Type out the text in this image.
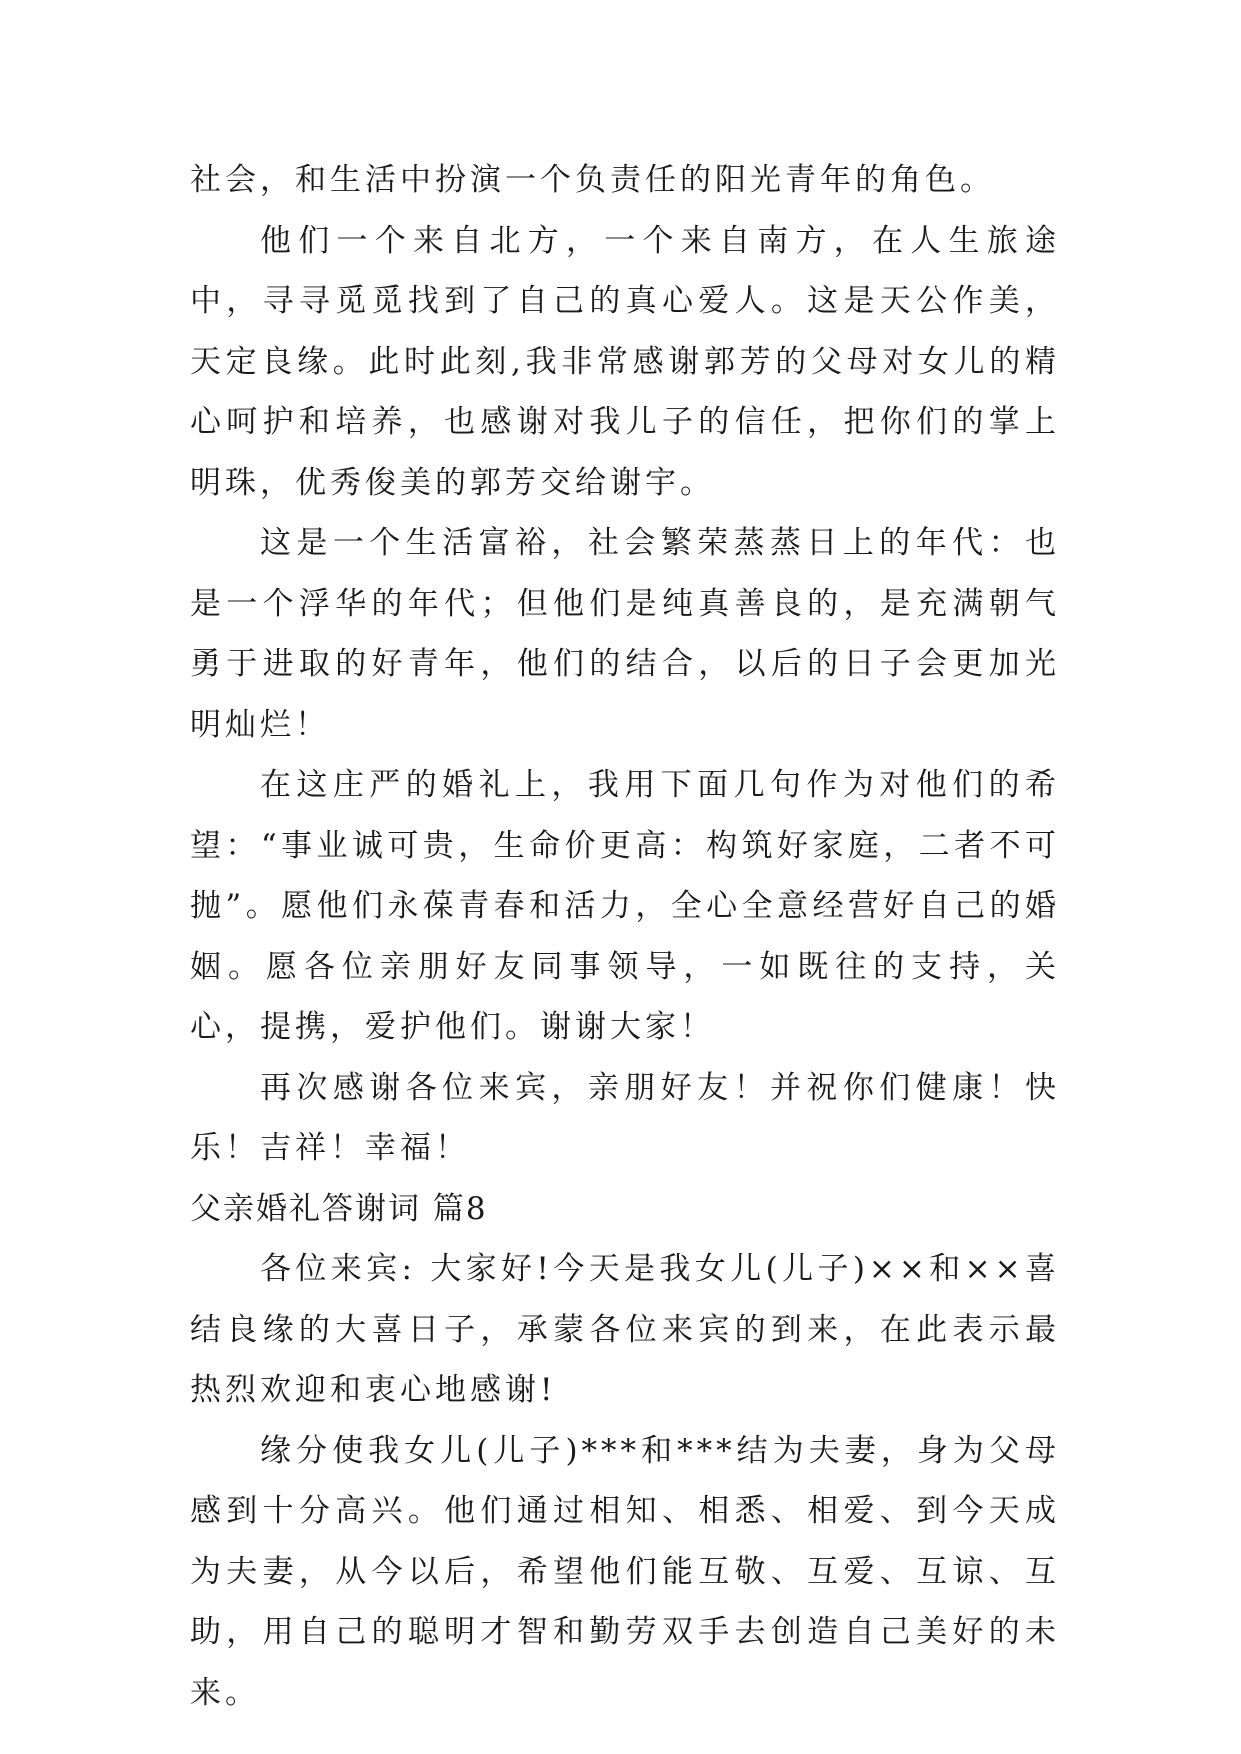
社会，和生活中扮演一个负责任的阳光青年的角色。

他们一个来自北方，一个来自南方，在人生旅途中，寻寻觅觅找到了自己的真心爱人。这是天公作美，天定良缘。此时此刻,我非常感谢郭芳的父母对女儿的精心呵护和培养，也感谢对我儿子的信任，把你们的掌上明珠，优秀俊美的郭芳交给谢宇。

这是一个生活富裕，社会繁荣蒸蒸日上的年代：也是一个浮华的年代；但他们是纯真善良的，是充满朝气勇于进取的好青年，他们的结合，以后的日子会更加光明灿烂！

在这庄严的婚礼上，我用下面几句作为对他们的希望：“事业诚可贵，生命价更高：构筑好家庭，二者不可抛”。愿他们永葆青春和活力，全心全意经营好自己的婚姻。愿各位亲朋好友同事领导，一如既往的支持，关心，提携，爱护他们。谢谢大家！

再次感谢各位来宾，亲朋好友！并祝你们健康！快乐！吉祥！幸福！

父亲婚礼答谢词 篇8

各位来宾: 大家好!今天是我女儿(儿子)××和××喜结良缘的大喜日子，承蒙各位来宾的到来，在此表示最热烈欢迎和衷心地感谢!

缘分使我女儿(儿子)***和***结为夫妻，身为父母感到十分高兴。他们通过相知、相悉、相爱、到今天成为夫妻，从今以后，希望他们能互敬、互爱、互谅、互助，用自己的聪明才智和勤劳双手去创造自己美好的未来。
